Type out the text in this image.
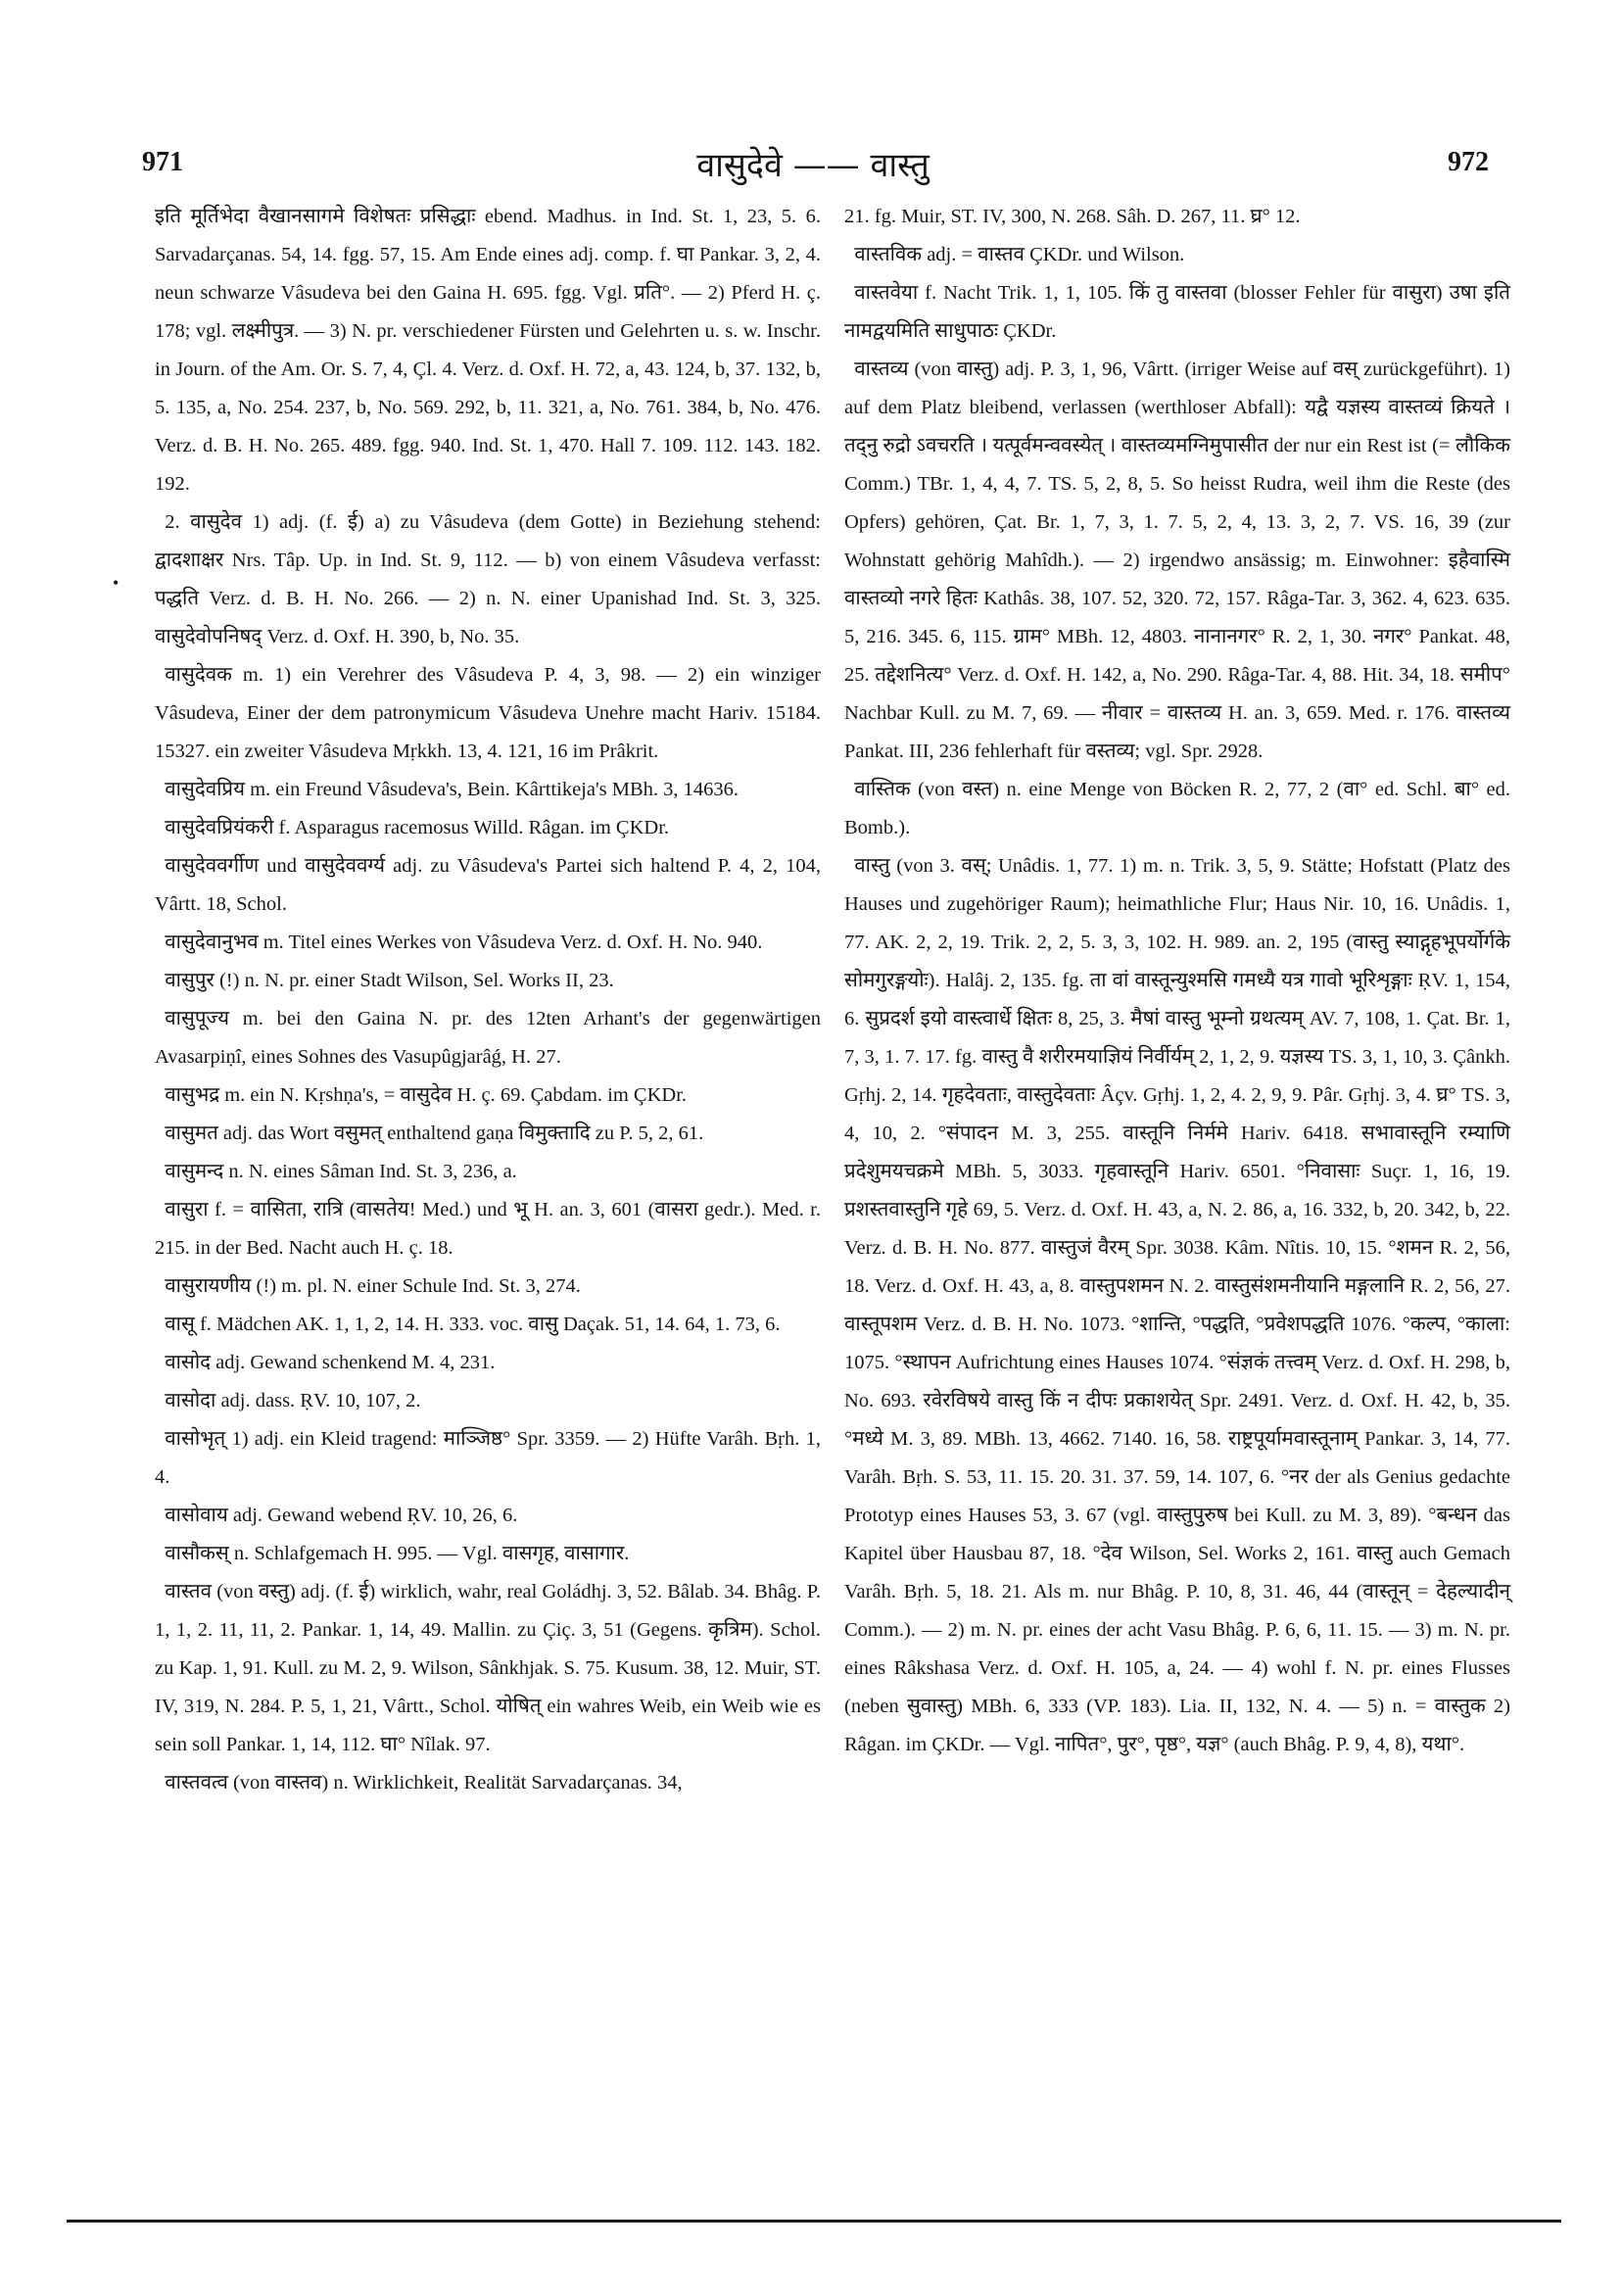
971	वासुदेवे —— वास्तु	972
•

इति मूर्तिभेदा वैखानसागमे विशेषतः प्रसिद्धाः ebend. Madhus. in Ind. St. 1, 23, 5. 6. Sarvadarçanas. 54, 14. fgg. 57, 15. Am Ende eines adj. comp. f. घा Pankar. 3, 2, 4. neun schwarze Vâsudeva bei den Gaina H. 695. fgg. Vgl. प्रति°. — 2) Pferd H. ç. 178; vgl. लक्ष्मीपुत्र. — 3) N. pr. verschiedener Fürsten und Gelehrten u. s. w. Inschr. in Journ. of the Am. Or. S. 7, 4, Çl. 4. Verz. d. Oxf. H. 72, a, 43. 124, b, 37. 132, b, 5. 135, a, No. 254. 237, b, No. 569. 292, b, 11. 321, a, No. 761. 384, b, No. 476. Verz. d. B. H. No. 265. 489. fgg. 940. Ind. St. 1, 470. Hall 7. 109. 112. 143. 182. 192.

2. वासुदेव 1) adj. (f. ई) a) zu Vâsudeva (dem Gotte) in Beziehung stehend: द्वादशाक्षर Nrs. Tâp. Up. in Ind. St. 9, 112. — b) von einem Vâsudeva verfasst: पद्धति Verz. d. B. H. No. 266. — 2) n. N. einer Upanishad Ind. St. 3, 325. वासुदेवोपनिषद् Verz. d. Oxf. H. 390, b, No. 35.

वासुदेवक m. 1) ein Verehrer des Vâsudeva P. 4, 3, 98. — 2) ein winziger Vâsudeva, Einer der dem patronymicum Vâsudeva Unehre macht Hariv. 15184. 15327. ein zweiter Vâsudeva Mṛkkh. 13, 4. 121, 16 im Prâkrit.

वासुदेवप्रिय m. ein Freund Vâsudeva's, Bein. Kârttikeja's MBh. 3, 14636.

वासुदेवप्रियंकरी f. Asparagus racemosus Willd. Râgan. im ÇKDr.

वासुदेववर्गीण und वासुदेववर्ग्य adj. zu Vâsudeva's Partei sich haltend P. 4, 2, 104, Vârtt. 18, Schol.

वासुदेवानुभव m. Titel eines Werkes von Vâsudeva Verz. d. Oxf. H. No. 940.

वासुपुर (!) n. N. pr. einer Stadt Wilson, Sel. Works II, 23.

वासुपूज्य m. bei den Gaina N. pr. des 12ten Arhant's der gegenwärtigen Avasarpiṇî, eines Sohnes des Vasupûgjarâǵ, H. 27.

वासुभद्र m. ein N. Kṛshṇa's, = वासुदेव H. ç. 69. Çabdam. im ÇKDr.

वासुमत adj. das Wort वसुमत् enthaltend gaṇa विमुक्तादि zu P. 5, 2, 61.

वासुमन्द n. N. eines Sâman Ind. St. 3, 236, a.

वासुरा f. = वासिता, रात्रि (वासतेय! Med.) und भू H. an. 3, 601 (वासरा gedr.). Med. r. 215. in der Bed. Nacht auch H. ç. 18.

वासुरायणीय (!) m. pl. N. einer Schule Ind. St. 3, 274.

वासू f. Mädchen AK. 1, 1, 2, 14. H. 333. voc. वासु Daçak. 51, 14. 64, 1. 73, 6.

वासोद adj. Gewand schenkend M. 4, 231.

वासोदा adj. dass. ṚV. 10, 107, 2.

वासोभृत् 1) adj. ein Kleid tragend: माञ्जिष्ठ° Spr. 3359. — 2) Hüfte Varâh. Bṛh. 1, 4.

वासोवाय adj. Gewand webend ṚV. 10, 26, 6.

वासौकस् n. Schlafgemach H. 995. — Vgl. वासगृह, वासागार.

वास्तव (von वस्तु) adj. (f. ई) wirklich, wahr, real Goládhj. 3, 52. Bâlab. 34. Bhâg. P. 1, 1, 2. 11, 11, 2. Pankar. 1, 14, 49. Mallin. zu Çiç. 3, 51 (Gegens. कृत्रिम). Schol. zu Kap. 1, 91. Kull. zu M. 2, 9. Wilson, Sânkhjak. S. 75. Kusum. 38, 12. Muir, ST. IV, 319, N. 284. P. 5, 1, 21, Vârtt., Schol. योषित् ein wahres Weib, ein Weib wie es sein soll Pankar. 1, 14, 112. घा° Nîlak. 97.

वास्तवत्व (von वास्तव) n. Wirklichkeit, Realität Sarvadarçanas. 34,

21. fg. Muir, ST. IV, 300, N. 268. Sâh. D. 267, 11. घ्र° 12.

वास्तविक adj. = वास्तव ÇKDr. und Wilson.

वास्तवेया f. Nacht Trik. 1, 1, 105. किं तु वास्तवा (blosser Fehler für वासुरा) उषा इति नामद्वयमिति साधुपाठः ÇKDr.

वास्तव्य (von वास्तु) adj. P. 3, 1, 96, Vârtt. (irriger Weise auf वस् zurückgeführt). 1) auf dem Platz bleibend, verlassen (werthloser Abfall): यद्वै यज्ञस्य वास्तव्यं क्रियते । तद्नु रुद्रो ऽवचरति । यत्पूर्वमन्ववस्येत् । वास्तव्यमग्निमुपासीत der nur ein Rest ist (= लौकिक Comm.) TBr. 1, 4, 4, 7. TS. 5, 2, 8, 5. So heisst Rudra, weil ihm die Reste (des Opfers) gehören, Çat. Br. 1, 7, 3, 1. 7. 5, 2, 4, 13. 3, 2, 7. VS. 16, 39 (zur Wohnstatt gehörig Mahîdh.). — 2) irgendwo ansässig; m. Einwohner: इहैवास्मि वास्तव्यो नगरे हितः Kathâs. 38, 107. 52, 320. 72, 157. Râga-Tar. 3, 362. 4, 623. 635. 5, 216. 345. 6, 115. ग्राम° MBh. 12, 4803. नानानगर° R. 2, 1, 30. नगर° Pankat. 48, 25. तद्देशनित्य° Verz. d. Oxf. H. 142, a, No. 290. Râga-Tar. 4, 88. Hit. 34, 18. समीप° Nachbar Kull. zu M. 7, 69. — नीवार = वास्तव्य H. an. 3, 659. Med. r. 176. वास्तव्य Pankat. III, 236 fehlerhaft für वस्तव्य; vgl. Spr. 2928.

वास्तिक (von वस्त) n. eine Menge von Böcken R. 2, 77, 2 (वा° ed. Schl. बा° ed. Bomb.).

वास्तु (von 3. वस्; Unâdis. 1, 77. 1) m. n. Trik. 3, 5, 9. Stätte; Hofstatt (Platz des Hauses und zugehöriger Raum); heimathliche Flur; Haus Nir. 10, 16. Unâdis. 1, 77. AK. 2, 2, 19. Trik. 2, 2, 5. 3, 3, 102. H. 989. an. 2, 195 (वास्तु स्याद्गृहभूपर्योर्गके सोमगुरङ्गयोः). Halâj. 2, 135. fg. ता वां वास्तून्युश्मसि गमध्यै यत्र गावो भूरिशृङ्गाः ṚV. 1, 154, 6. सुप्रदर्श इयो वास्त्वार्धे क्षितः 8, 25, 3. मैषां वास्तु भूम्नो ग्रथत्यम् AV. 7, 108, 1. Çat. Br. 1, 7, 3, 1. 7. 17. fg. वास्तु वै शरीरमयाज्ञियं निर्वीर्यम् 2, 1, 2, 9. यज्ञस्य TS. 3, 1, 10, 3. Çânkh. Gṛhj. 2, 14. गृहदेवताः, वास्तुदेवताः Âçv. Gṛhj. 1, 2, 4. 2, 9, 9. Pâr. Gṛhj. 3, 4. घ्र° TS. 3, 4, 10, 2. °संपादन M. 3, 255. वास्तूनि निर्ममे Hariv. 6418. सभावास्तूनि रम्याणि प्रदेशुमयचक्रमे MBh. 5, 3033. गृहवास्तूनि Hariv. 6501. °निवासाः Suçr. 1, 16, 19. प्रशस्तवास्तुनि गृहे 69, 5. Verz. d. Oxf. H. 43, a, N. 2. 86, a, 16. 332, b, 20. 342, b, 22. Verz. d. B. H. No. 877. वास्तुजं वैरम् Spr. 3038. Kâm. Nîtis. 10, 15. °शमन R. 2, 56, 18. Verz. d. Oxf. H. 43, a, 8. वास्तुपशमन N. 2. वास्तुसंशमनीयानि मङ्गलानि R. 2, 56, 27. वास्तूपशम Verz. d. B. H. No. 1073. °शान्ति, °पद्धति, °प्रवेशपद्धति 1076. °कल्प, °काला: 1075. °स्थापन Aufrichtung eines Hauses 1074. °संज्ञकं तत्त्वम् Verz. d. Oxf. H. 298, b, No. 693. रवेरविषये वास्तु किं न दीपः प्रकाशयेत् Spr. 2491. Verz. d. Oxf. H. 42, b, 35. °मध्ये M. 3, 89. MBh. 13, 4662. 7140. 16, 58. राष्ट्रपूर्यामवास्तूनाम् Pankar. 3, 14, 77. Varâh. Bṛh. S. 53, 11. 15. 20. 31. 37. 59, 14. 107, 6. °नर der als Genius gedachte Prototyp eines Hauses 53, 3. 67 (vgl. वास्तुपुरुष bei Kull. zu M. 3, 89). °बन्धन das Kapitel über Hausbau 87, 18. °देव Wilson, Sel. Works 2, 161. वास्तु auch Gemach Varâh. Bṛh. 5, 18. 21. Als m. nur Bhâg. P. 10, 8, 31. 46, 44 (वास्तून् = देहल्यादीन् Comm.). — 2) m. N. pr. eines der acht Vasu Bhâg. P. 6, 6, 11. 15. — 3) m. N. pr. eines Râkshasa Verz. d. Oxf. H. 105, a, 24. — 4) wohl f. N. pr. eines Flusses (neben सुवास्तु) MBh. 6, 333 (VP. 183). Lia. II, 132, N. 4. — 5) n. = वास्तुक 2) Râgan. im ÇKDr. — Vgl. नापित°, पुर°, पृष्ठ°, यज्ञ° (auch Bhâg. P. 9, 4, 8), यथा°.
